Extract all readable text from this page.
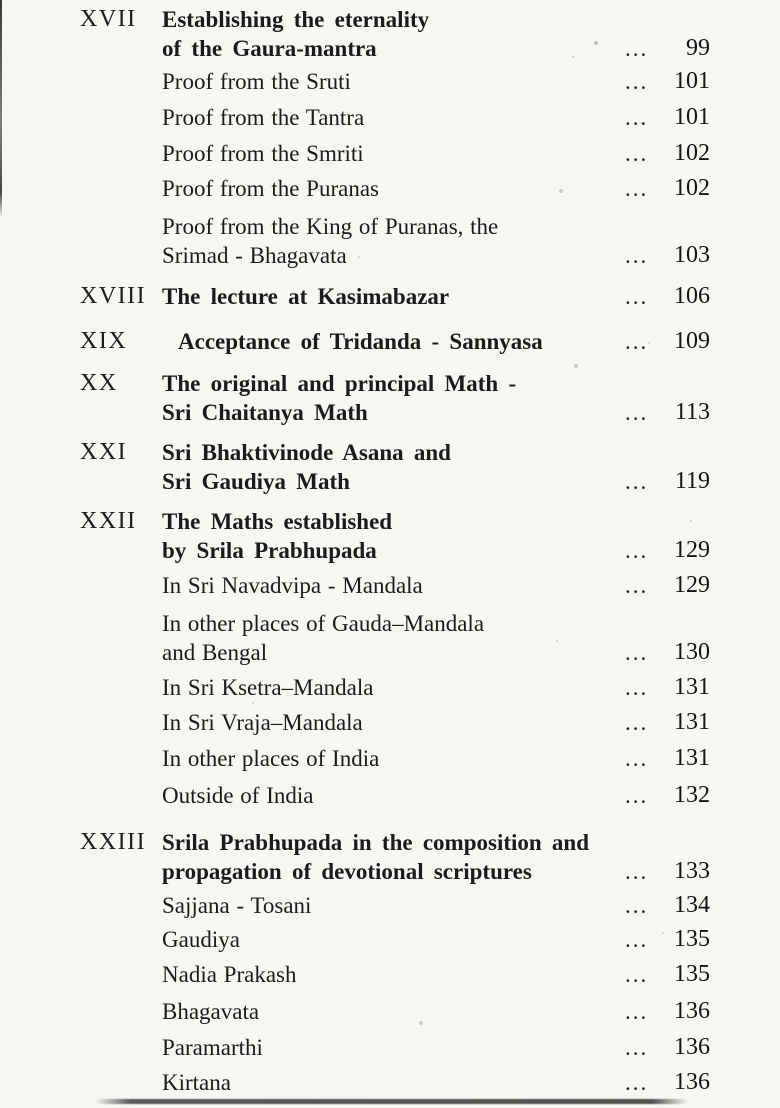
XVII Establishing the eternality
of the Gaura-mantra	...	99
Proof from the Sruti	...	101
Proof from the Tantra	...	101
Proof from the Smriti	...	102
Proof from the Puranas	...	102
Proof from the King of Puranas, the
Srimad - Bhagavata	...	103
XVIII The lecture at Kasimabazar	...	106
XIX	Acceptance of Tridanda - Sannyasa	...	109
XX The original and principal Math -
Sri Chaitanya Math	...	113
XXI Sri Bhaktivinode Asana and
Sri Gaudiya Math	...	119
XXII The Maths established
by Srila Prabhupada	...	129
In Sri Navadvipa - Mandala	...	129
In other places of Gauda–Mandala
and Bengal	...	130
In Sri Ksetra–Mandala	...	131
In Sri Vraja–Mandala	...	131
In other places of India	...	131
Outside of India	...	132
XXIII Srila Prabhupada in the composition and
propagation of devotional scriptures	...	133
Sajjana - Tosani	...	134
Gaudiya	...	135
Nadia Prakash	...	135
Bhagavata	...	136
Paramarthi	...	136
Kirtana	...	136
